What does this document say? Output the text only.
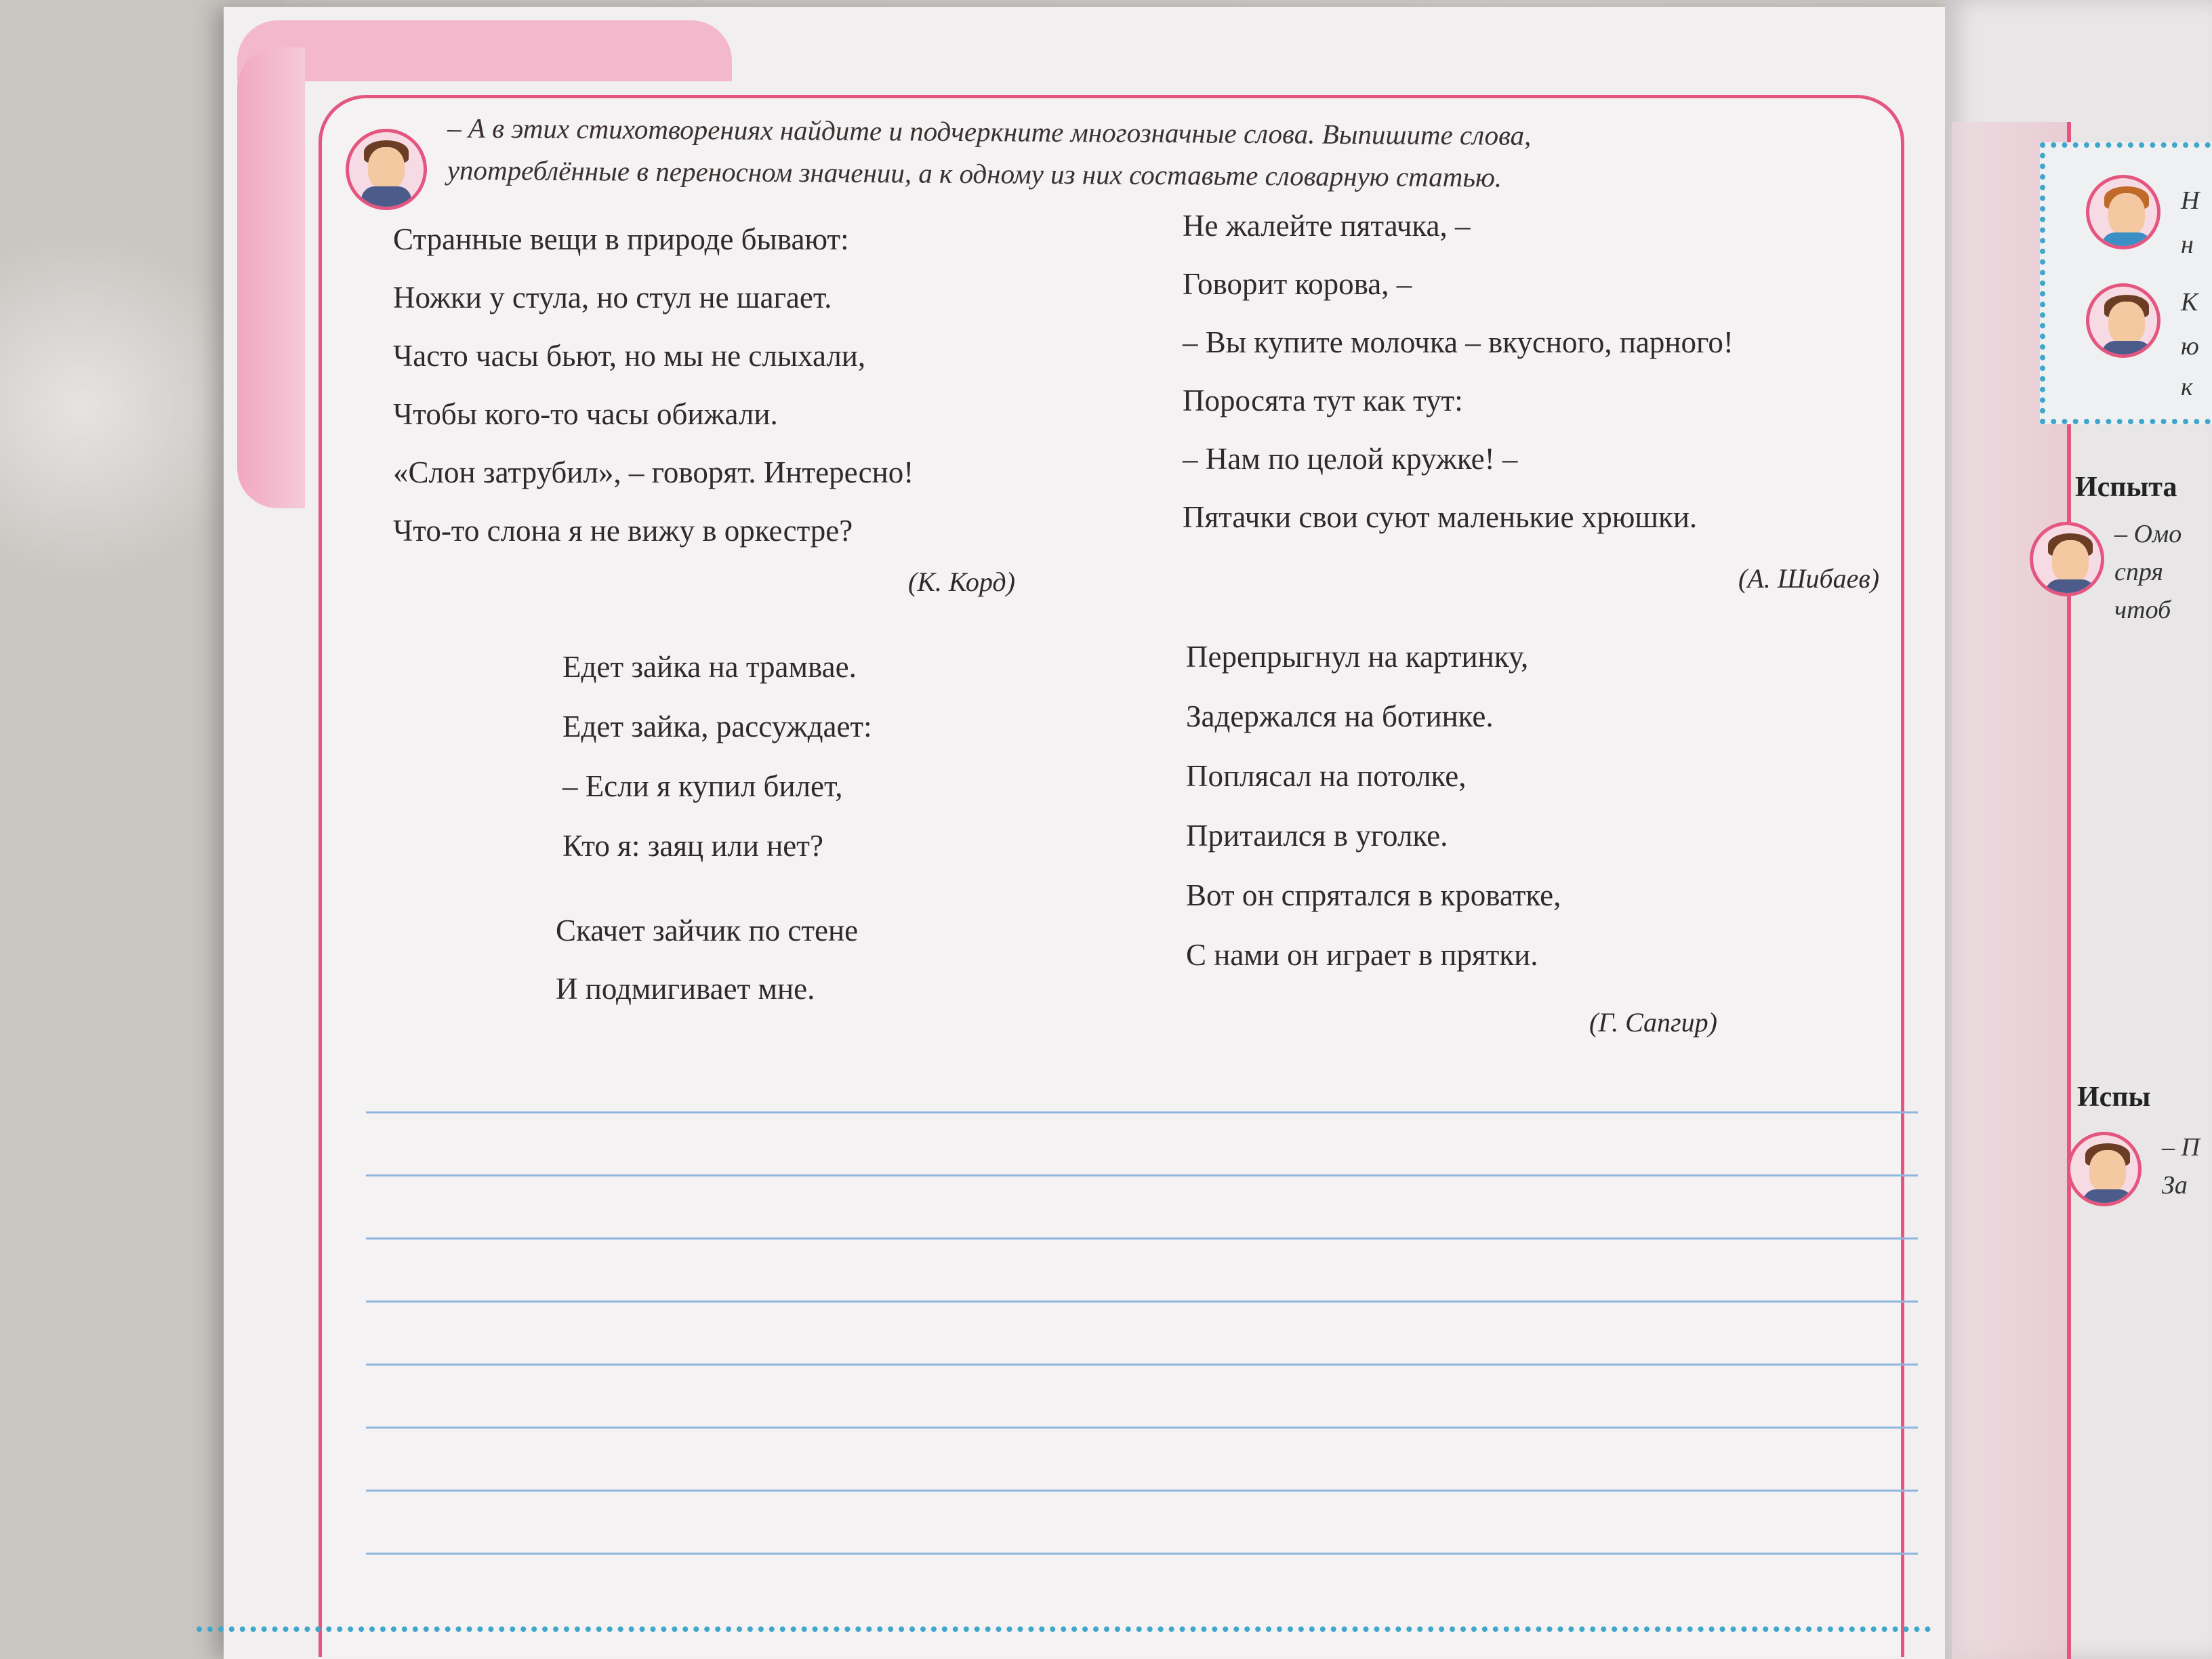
– А в этих стихотворениях найдите и подчеркните многозначные слова. Выпишите слова,
употреблённые в переносном значении, а к одному из них составьте словарную статью.
Странные вещи в природе бывают:
Ножки у стула, но стул не шагает.
Часто часы бьют, но мы не слыхали,
Чтобы кого-то часы обижали.
«Слон затрубил», – говорят. Интересно!
Что-то слона я не вижу в оркестре?
(К. Корд)
Не жалейте пятачка, –
Говорит корова, –
– Вы купите молочка – вкусного, парного!
Поросята тут как тут:
– Нам по целой кружке! –
Пятачки свои суют маленькие хрюшки.
(А. Шибаев)
Едет зайка на трамвае.
Едет зайка, рассуждает:
– Если я купил билет,
Кто я: заяц или нет?
Скачет зайчик по стене
И подмигивает мне.
Перепрыгнул на картинку,
Задержался на ботинке.
Поплясал на потолке,
Притаился в уголке.
Вот он спрятался в кроватке,
С нами он играет в прятки.
(Г. Сапгир)
Н
н
К
ю
к
Испыта
– Омо
спря
чтоб
Испы
– П
За
